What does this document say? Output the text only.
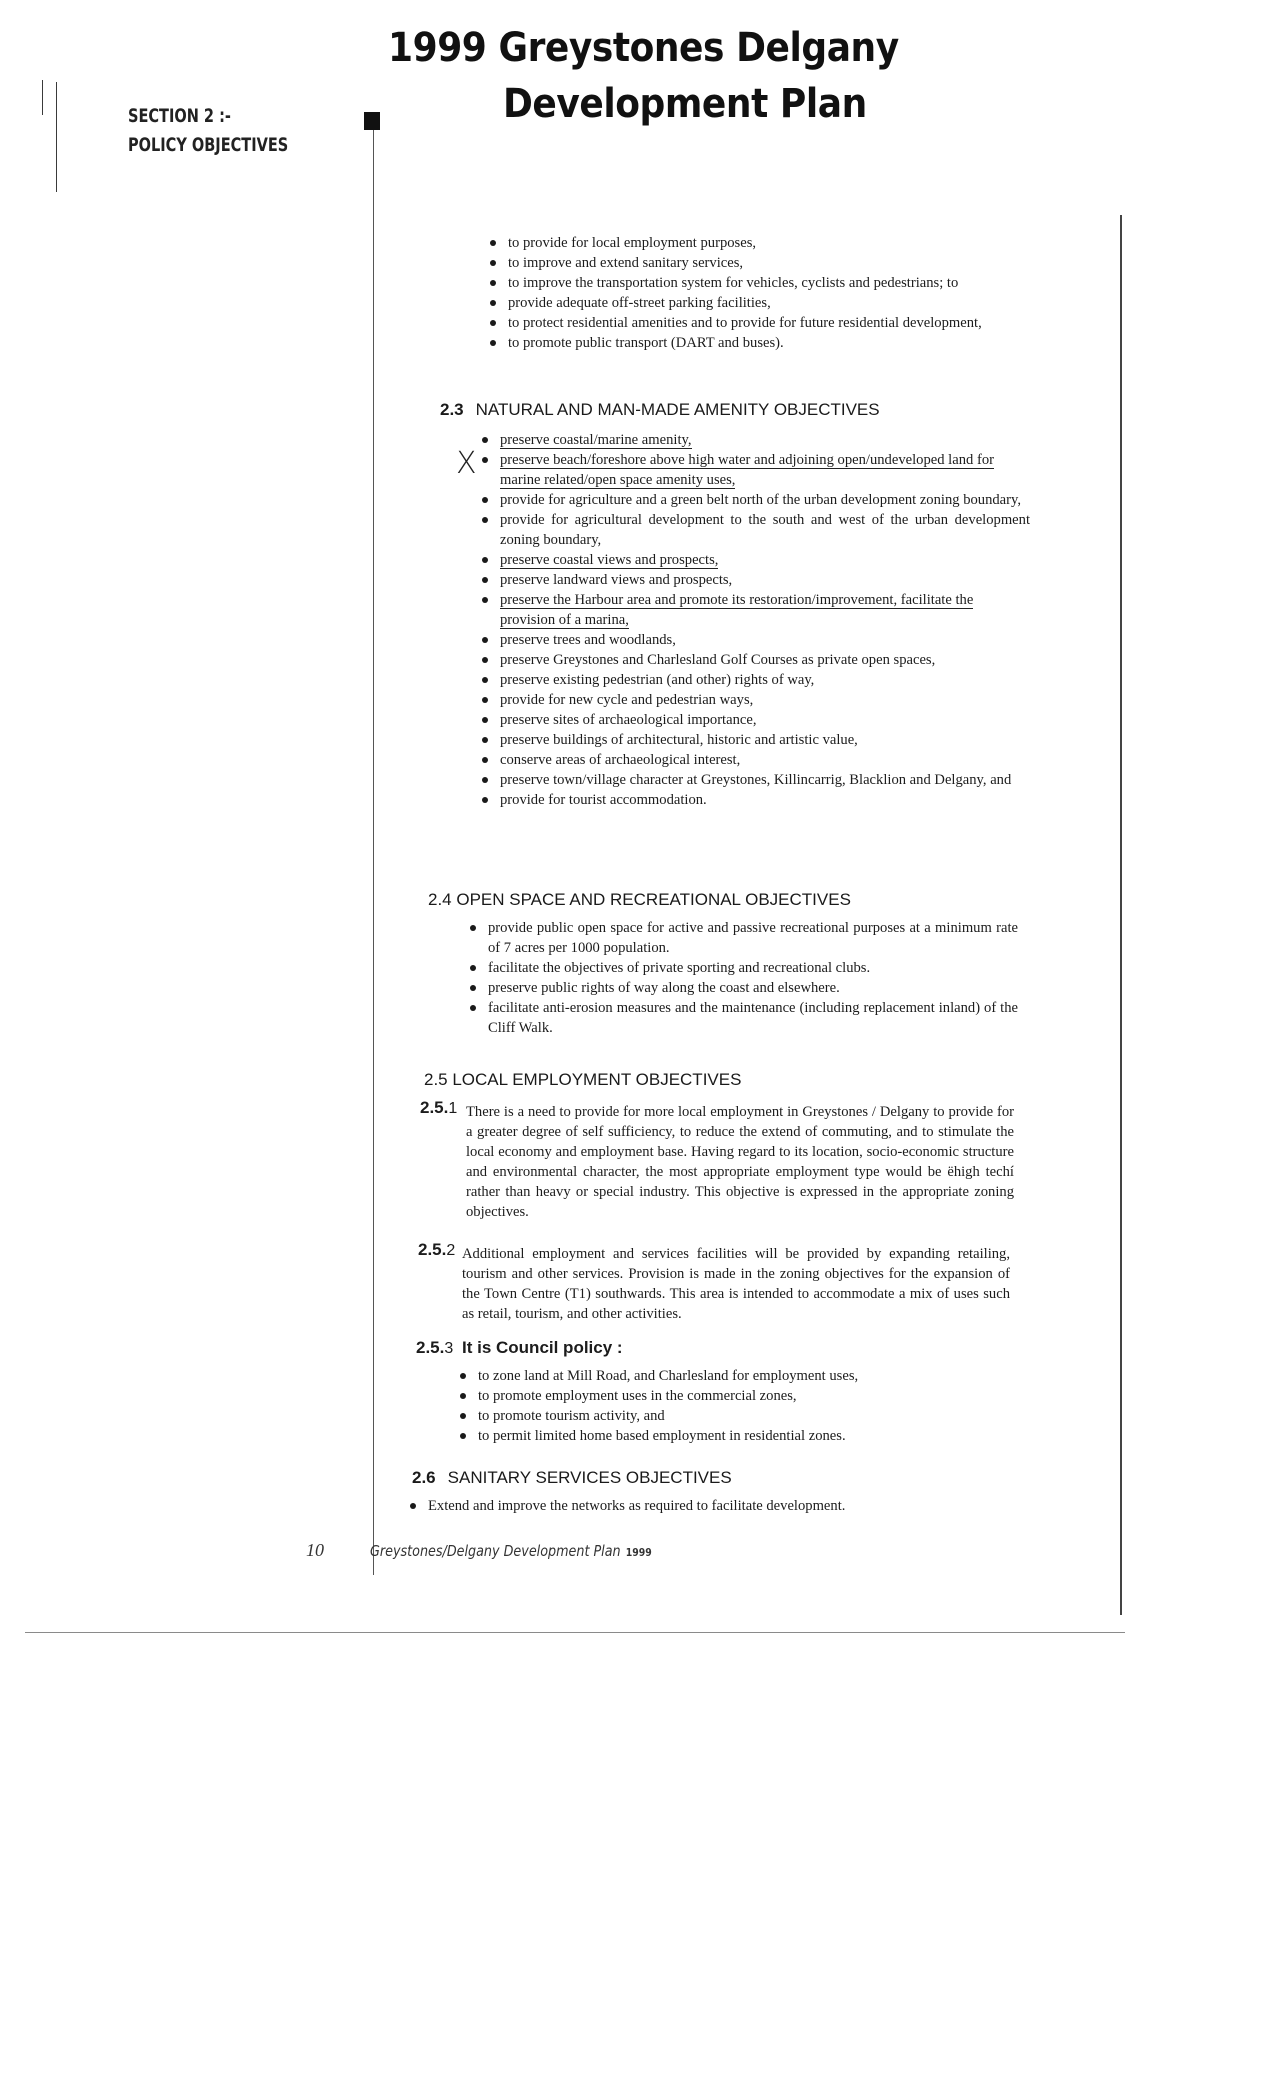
1999 Greystones Delgany
Development Plan
SECTION 2 :-
POLICY OBJECTIVES
to provide for local employment purposes,
to improve and extend sanitary services,
to improve the transportation system for vehicles, cyclists and pedestrians; to
provide adequate off-street parking facilities,
to protect residential amenities and to provide for future residential development,
to promote public transport (DART and buses).
2.3 NATURAL AND MAN-MADE AMENITY OBJECTIVES
X
preserve coastal/marine amenity,
preserve beach/foreshore above high water and adjoining open/undeveloped land for marine related/open space amenity uses,
provide for agriculture and a green belt north of the urban development zoning boundary,
provide for agricultural development to the south and west of the urban development zoning boundary,
preserve coastal views and prospects,
preserve landward views and prospects,
preserve the Harbour area and promote its restoration/improvement, facilitate the provision of a marina,
preserve trees and woodlands,
preserve Greystones and Charlesland Golf Courses as private open spaces,
preserve existing pedestrian (and other) rights of way,
provide for new cycle and pedestrian ways,
preserve sites of archaeological importance,
preserve buildings of architectural, historic and artistic value,
conserve areas of archaeological interest,
preserve town/village character at Greystones, Killincarrig, Blacklion and Delgany, and
provide for tourist accommodation.
2.4 OPEN SPACE AND RECREATIONAL OBJECTIVES
provide public open space for active and passive recreational purposes at a minimum rate of 7 acres per 1000 population.
facilitate the objectives of private sporting and recreational clubs.
preserve public rights of way along the coast and elsewhere.
facilitate anti-erosion measures and the maintenance (including replacement inland) of the Cliff Walk.
2.5 LOCAL EMPLOYMENT OBJECTIVES
2.5.1 There is a need to provide for more local employment in Greystones / Delgany to provide for a greater degree of self sufficiency, to reduce the extend of commuting, and to stimulate the local economy and employment base. Having regard to its location, socio-economic structure and environmental character, the most appropriate employment type would be ëhigh techí rather than heavy or special industry. This objective is expressed in the appropriate zoning objectives.
2.5.2 Additional employment and services facilities will be provided by expanding retailing, tourism and other services. Provision is made in the zoning objectives for the expansion of the Town Centre (T1) southwards. This area is intended to accommodate a mix of uses such as retail, tourism, and other activities.
2.5.3 It is Council policy :
to zone land at Mill Road, and Charlesland for employment uses,
to promote employment uses in the commercial zones,
to promote tourism activity, and
to permit limited home based employment in residential zones.
2.6 SANITARY SERVICES OBJECTIVES
Extend and improve the networks as required to facilitate development.
10	Greystones/Delgany Development Plan 1999
